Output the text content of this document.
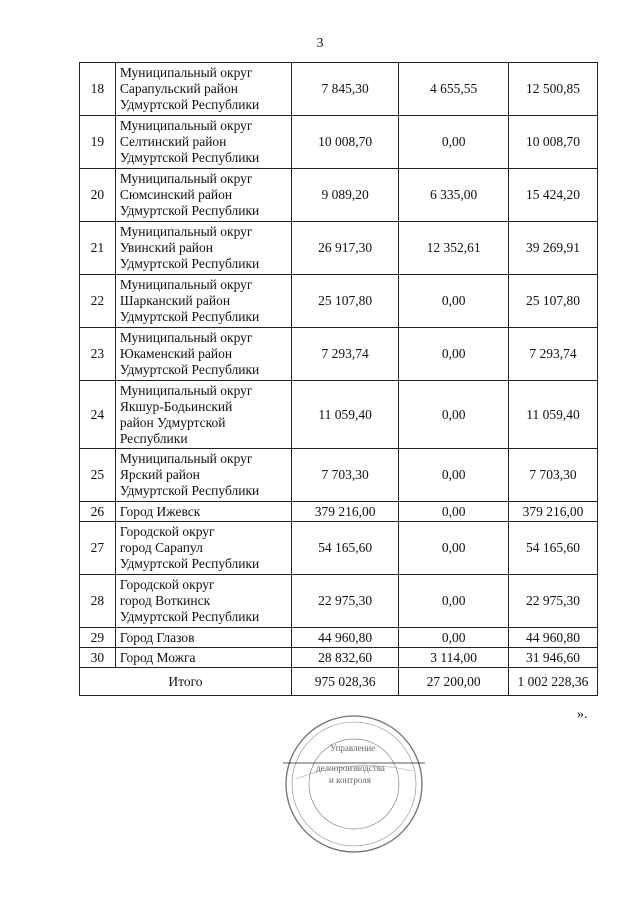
3
18	Муниципальный округ
Сарапульский район
Удмуртской Республики	7 845,30	4 655,55	12 500,85
19	Муниципальный округ
Селтинский район
Удмуртской Республики	10 008,70	0,00	10 008,70
20	Муниципальный округ
Сюмсинский район
Удмуртской Республики	9 089,20	6 335,00	15 424,20
21	Муниципальный округ
Увинский район
Удмуртской Республики	26 917,30	12 352,61	39 269,91
22	Муниципальный округ
Шарканский район
Удмуртской Республики	25 107,80	0,00	25 107,80
23	Муниципальный округ
Юкаменский район
Удмуртской Республики	7 293,74	0,00	7 293,74
24	Муниципальный округ
Якшур-Бодьинский
район Удмуртской
Республики	11 059,40	0,00	11 059,40
25	Муниципальный округ
Ярский район
Удмуртской Республики	7 703,30	0,00	7 703,30
26	Город Ижевск	379 216,00	0,00	379 216,00
27	Городской округ
город Сарапул
Удмуртской Республики	54 165,60	0,00	54 165,60
28	Городской округ
город Воткинск
Удмуртской Республики	22 975,30	0,00	22 975,30
29	Город Глазов	44 960,80	0,00	44 960,80
30	Город Можга	28 832,60	3 114,00	31 946,60
Итого		975 028,36	27 200,00	1 002 228,36
».
Управление
делопроизводства
и контроля
